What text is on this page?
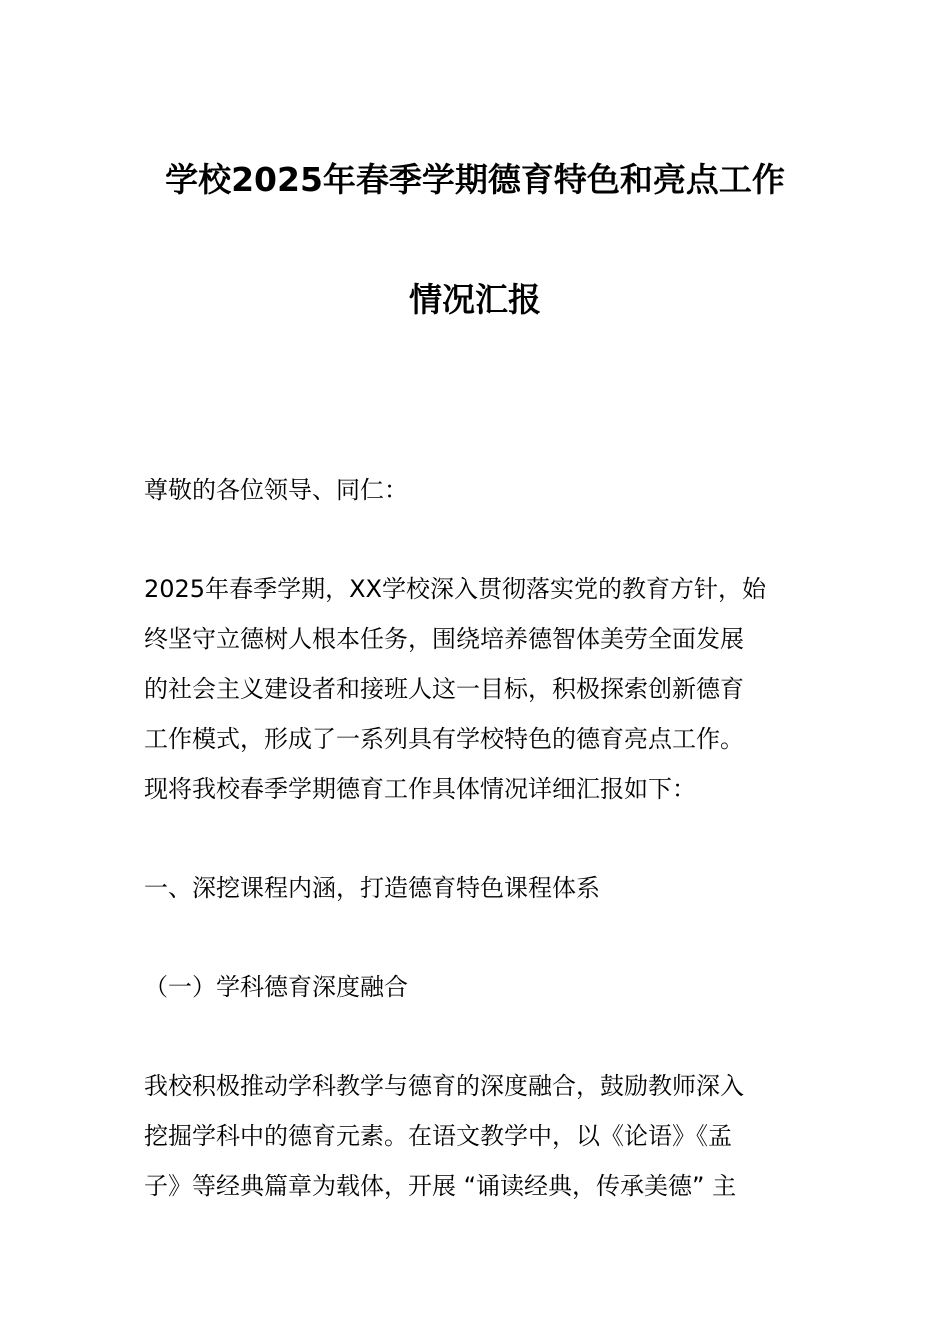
学校2025年春季学期德育特色和亮点工作
情况汇报
尊敬的各位领导、同仁：
2025年春季学期，XX学校深入贯彻落实党的教育方针，始
终坚守立德树人根本任务，围绕培养德智体美劳全面发展
的社会主义建设者和接班人这一目标，积极探索创新德育
工作模式，形成了一系列具有学校特色的德育亮点工作。
现将我校春季学期德育工作具体情况详细汇报如下：
一、深挖课程内涵，打造德育特色课程体系
（一）学科德育深度融合
我校积极推动学科教学与德育的深度融合，鼓励教师深入
挖掘学科中的德育元素。在语文教学中，以《论语》《孟
子》等经典篇章为载体，开展 “诵读经典，传承美德” 主
